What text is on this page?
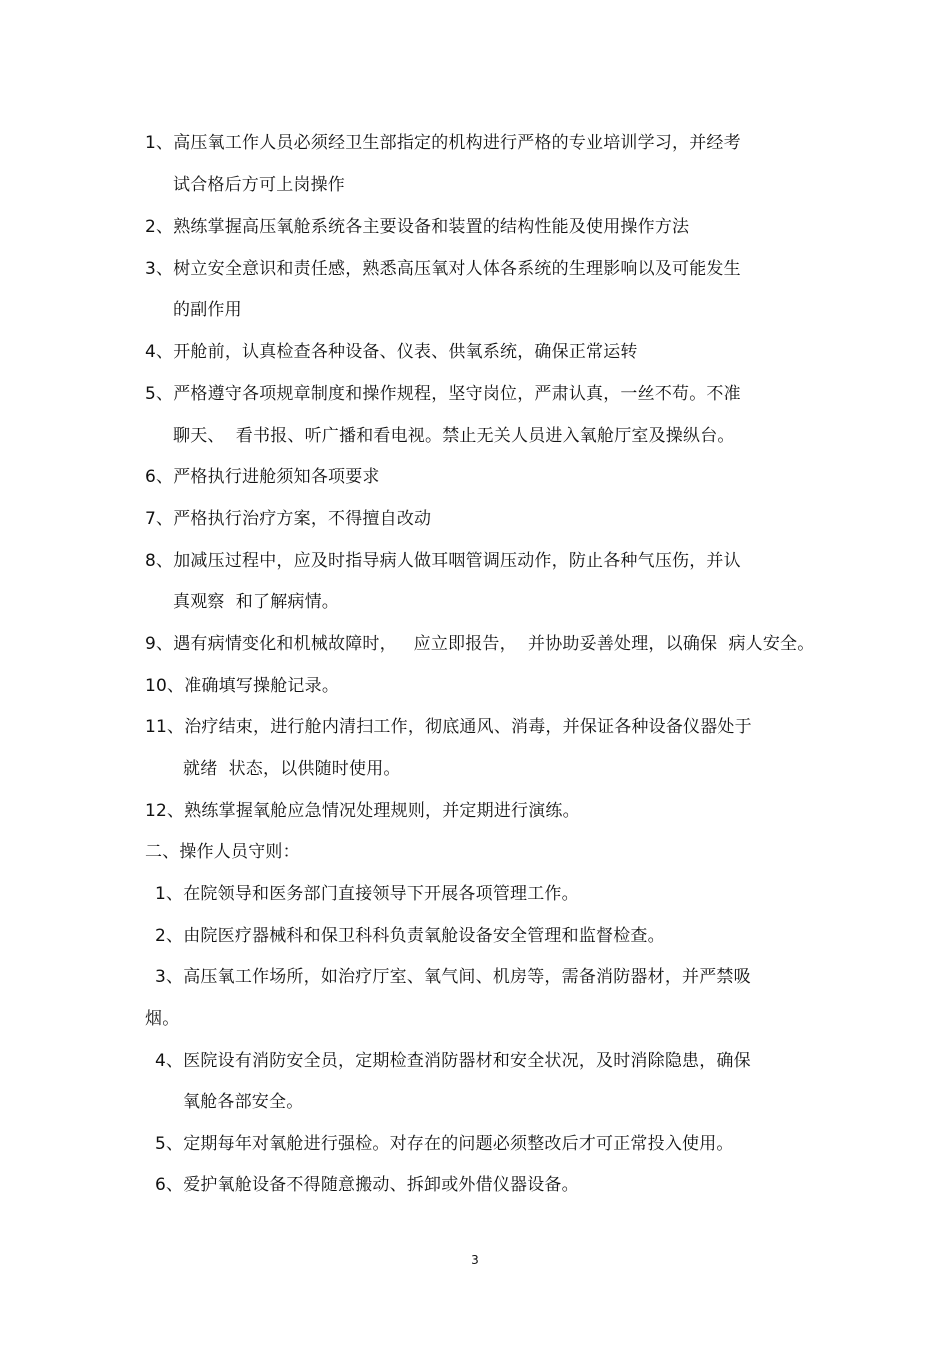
1、高压氧工作人员必须经卫生部指定的机构进行严格的专业培训学习，并经考
试合格后方可上岗操作
2、熟练掌握高压氧舱系统各主要设备和装置的结构性能及使用操作方法
3、树立安全意识和责任感，熟悉高压氧对人体各系统的生理影响以及可能发生
的副作用
4、开舱前，认真检查各种设备、仪表、供氧系统，确保正常运转
5、严格遵守各项规章制度和操作规程，坚守岗位，严肃认真，一丝不苟。不准
聊天、  看书报、听广播和看电视。禁止无关人员进入氧舱厅室及操纵台。
6、严格执行进舱须知各项要求
7、严格执行治疗方案，不得擅自改动
8、加减压过程中，应及时指导病人做耳咽管调压动作，防止各种气压伤，并认
真观察  和了解病情。
9、遇有病情变化和机械故障时，   应立即报告，  并协助妥善处理，以确保  病人安全。
10、准确填写操舱记录。
11、治疗结束，进行舱内清扫工作，彻底通风、消毒，并保证各种设备仪器处于
就绪  状态，以供随时使用。
12、熟练掌握氧舱应急情况处理规则，并定期进行演练。
二、操作人员守则：
1、在院领导和医务部门直接领导下开展各项管理工作。
2、由院医疗器械科和保卫科科负责氧舱设备安全管理和监督检查。
3、高压氧工作场所，如治疗厅室、氧气间、机房等，需备消防器材，并严禁吸
烟。
4、医院设有消防安全员，定期检查消防器材和安全状况，及时消除隐患，确保
氧舱各部安全。
5、定期每年对氧舱进行强检。对存在的问题必须整改后才可正常投入使用。
6、爱护氧舱设备不得随意搬动、拆卸或外借仪器设备。
3
